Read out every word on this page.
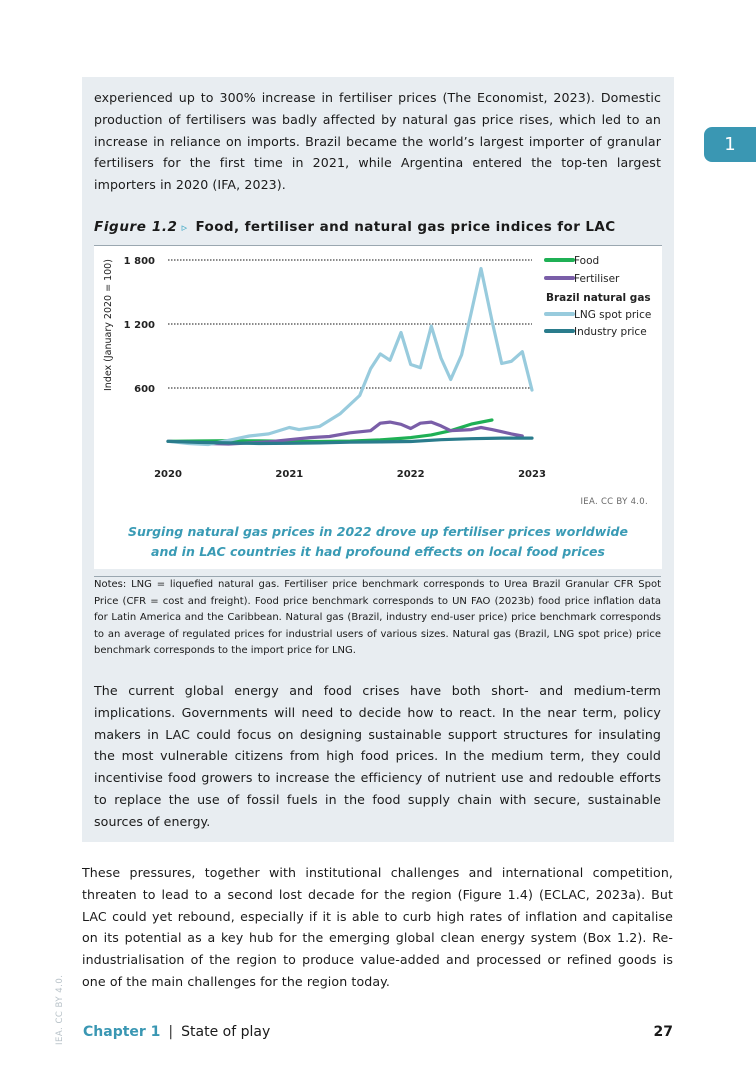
experienced up to 300% increase in fertiliser prices (The Economist, 2023). Domestic production of fertilisers was badly affected by natural gas price rises, which led to an increase in reliance on imports. Brazil became the world’s largest importer of granular fertilisers for the first time in 2021, while Argentina entered the top-ten largest importers in 2020 (IFA, 2023).

Figure 1.2 ▹ Food, fertiliser and natural gas price indices for LAC
600
1 200
1 800
2020	2021	2022	2023
Index (January 2020 = 100)	Food
Fertiliser
Brazil natural gas
LNG spot price
Industry price
IEA. CC BY 4.0.
Surging natural gas prices in 2022 drove up fertiliser prices worldwide
and in LAC countries it had profound effects on local food prices

Notes: LNG = liquefied natural gas. Fertiliser price benchmark corresponds to Urea Brazil Granular CFR Spot Price (CFR = cost and freight). Food price benchmark corresponds to UN FAO (2023b) food price inflation data for Latin America and the Caribbean. Natural gas (Brazil, industry end-user price) price benchmark corresponds to an average of regulated prices for industrial users of various sizes. Natural gas (Brazil, LNG spot price) price benchmark corresponds to the import price for LNG.

The current global energy and food crises have both short- and medium-term implications. Governments will need to decide how to react. In the near term, policy makers in LAC could focus on designing sustainable support structures for insulating the most vulnerable citizens from high food prices. In the medium term, they could incentivise food growers to increase the efficiency of nutrient use and redouble efforts to replace the use of fossil fuels in the food supply chain with secure, sustainable sources of energy.

These pressures, together with institutional challenges and international competition, threaten to lead to a second lost decade for the region (Figure 1.4) (ECLAC, 2023a). But LAC could yet rebound, especially if it is able to curb high rates of inflation and capitalise on its potential as a key hub for the emerging global clean energy system (Box 1.2). Re-industrialisation of the region to produce value-added and processed or refined goods is one of the main challenges for the region today.

1
IEA. CC BY 4.0. Chapter 1 | State of play	27
